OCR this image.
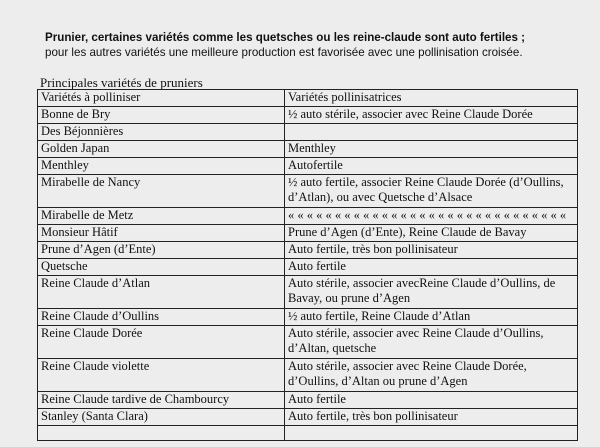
Prunier, certaines variétés comme les quetsches ou les reine-claude sont auto fertiles ;
pour les autres variétés une meilleure production est favorisée avec une pollinisation croisée.
Principales variétés de pruniers
Variétés à polliniser	Variétés pollinisatrices
Bonne de Bry	½ auto stérile, associer avec Reine Claude Dorée
Des Béjonnières	
Golden Japan	Menthley
Menthley	Autofertile
Mirabelle de Nancy	½ auto fertile, associer Reine Claude Dorée (d’Oullins, d’Atlan), ou avec Quetsche d’Alsace
Mirabelle de Metz	« « « « « « « « « « « « « « « « « « « « « « « « « « « « « «
Monsieur Hâtif	Prune d’Agen (d’Ente), Reine Claude de Bavay
Prune d’Agen (d’Ente)	Auto fertile, très bon pollinisateur
Quetsche	Auto fertile
Reine Claude d’Atlan	Auto stérile, associer avecReine Claude d’Oullins, de Bavay, ou prune d’Agen
Reine Claude d’Oullins	½ auto fertile, Reine Claude d’Atlan
Reine Claude Dorée	Auto stérile, associer avec Reine Claude d’Oullins, d’Altan, quetsche
Reine Claude violette	Auto stérile, associer avec Reine Claude Dorée, d’Oullins, d’Altan ou prune d’Agen
Reine Claude tardive de Chambourcy	Auto fertile
Stanley (Santa Clara)	Auto fertile, très bon pollinisateur
